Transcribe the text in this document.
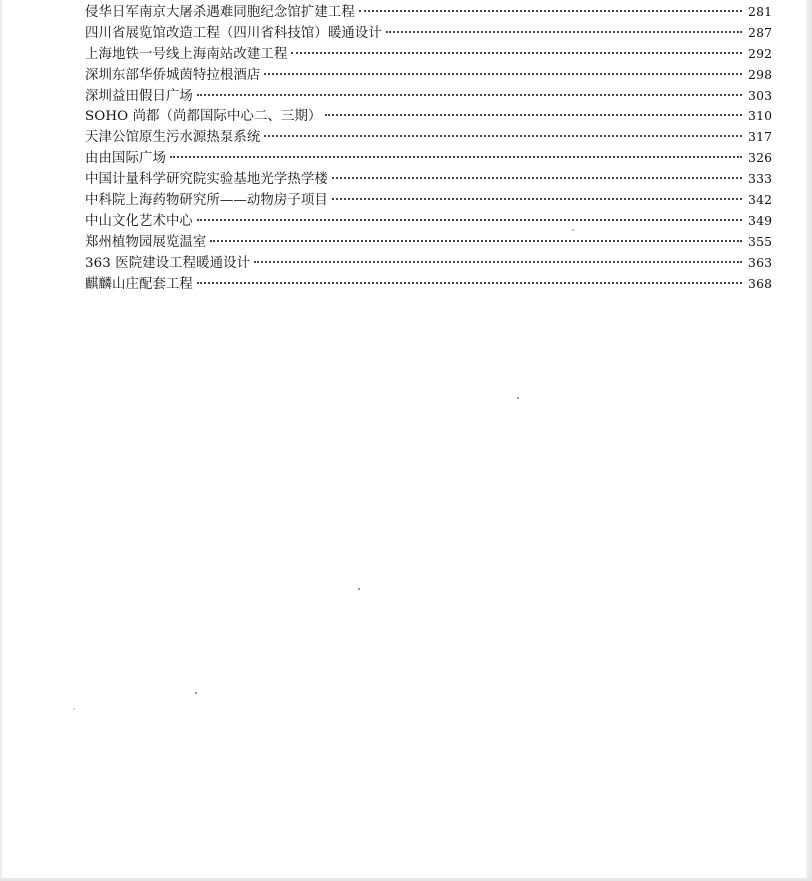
侵华日军南京大屠杀遇难同胞纪念馆扩建工程	281
四川省展览馆改造工程（四川省科技馆）暖通设计	287
上海地铁一号线上海南站改建工程	292
深圳东部华侨城茵特拉根酒店	298
深圳益田假日广场	303
SOHO 尚都（尚都国际中心二、三期）	310
天津公馆原生污水源热泵系统	317
由由国际广场	326
中国计量科学研究院实验基地光学热学楼	333
中科院上海药物研究所——动物房子项目	342
中山文化艺术中心	349
郑州植物园展览温室	355
363 医院建设工程暖通设计	363
麒麟山庄配套工程	368
